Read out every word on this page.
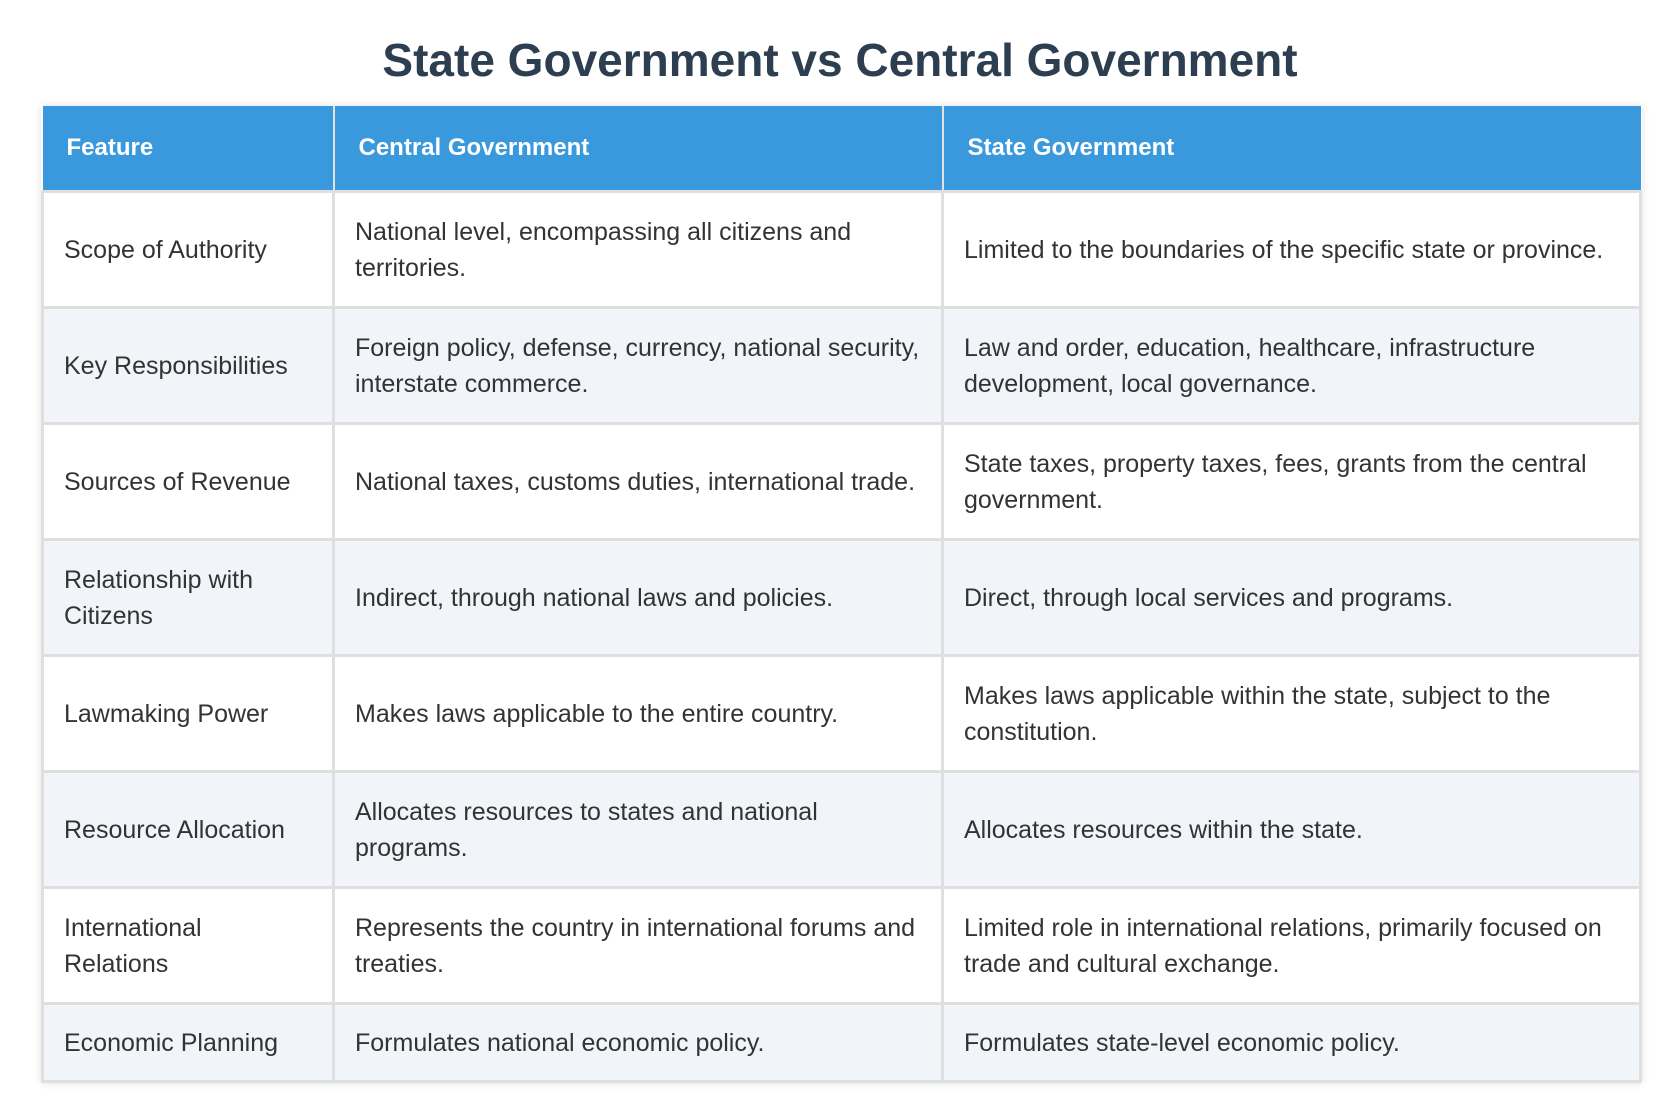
State Government vs Central Government
Feature	Central Government	State Government
Scope of Authority	National level, encompassing all citizens and territories.	Limited to the boundaries of the specific state or province.
Key Responsibilities	Foreign policy, defense, currency, national security, interstate commerce.	Law and order, education, healthcare, infrastructure development, local governance.
Sources of Revenue	National taxes, customs duties, international trade.	State taxes, property taxes, fees, grants from the central government.
Relationship with Citizens	Indirect, through national laws and policies.	Direct, through local services and programs.
Lawmaking Power	Makes laws applicable to the entire country.	Makes laws applicable within the state, subject to the constitution.
Resource Allocation	Allocates resources to states and national programs.	Allocates resources within the state.
International Relations	Represents the country in international forums and treaties.	Limited role in international relations, primarily focused on trade and cultural exchange.
Economic Planning	Formulates national economic policy.	Formulates state-level economic policy.
